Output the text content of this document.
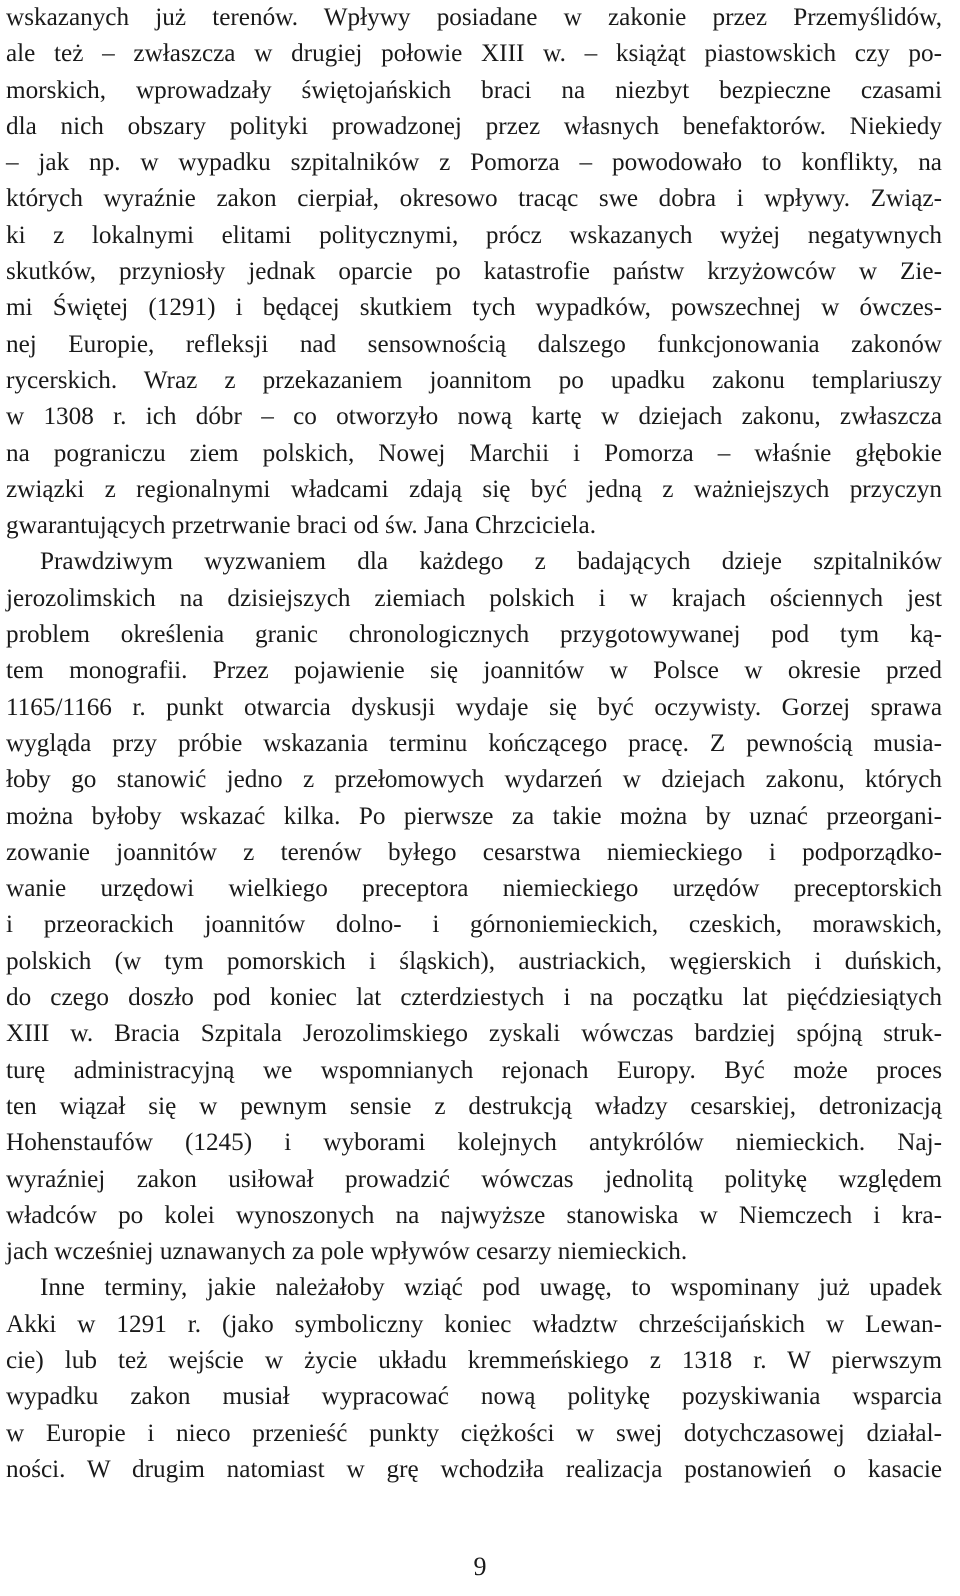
wskazanych już terenów. Wpływy posiadane w zakonie przez Przemyślidów,
ale też – zwłaszcza w drugiej połowie XIII w. – książąt piastowskich czy po-
morskich, wprowadzały świętojańskich braci na niezbyt bezpieczne czasami
dla nich obszary polityki prowadzonej przez własnych benefaktorów. Niekiedy
– jak np. w wypadku szpitalników z Pomorza – powodowało to konflikty, na
których wyraźnie zakon cierpiał, okresowo tracąc swe dobra i wpływy. Związ-
ki z lokalnymi elitami politycznymi, prócz wskazanych wyżej negatywnych
skutków, przyniosły jednak oparcie po katastrofie państw krzyżowców w Zie-
mi Świętej (1291) i będącej skutkiem tych wypadków, powszechnej w ówczes-
nej Europie, refleksji nad sensownością dalszego funkcjonowania zakonów
rycerskich. Wraz z przekazaniem joannitom po upadku zakonu templariuszy
w 1308 r. ich dóbr – co otworzyło nową kartę w dziejach zakonu, zwłaszcza
na pograniczu ziem polskich, Nowej Marchii i Pomorza – właśnie głębokie
związki z regionalnymi władcami zdają się być jedną z ważniejszych przyczyn
gwarantujących przetrwanie braci od św. Jana Chrzciciela.
Prawdziwym wyzwaniem dla każdego z badających dzieje szpitalników
jerozolimskich na dzisiejszych ziemiach polskich i w krajach ościennych jest
problem określenia granic chronologicznych przygotowywanej pod tym ką-
tem monografii. Przez pojawienie się joannitów w Polsce w okresie przed
1165/1166 r. punkt otwarcia dyskusji wydaje się być oczywisty. Gorzej sprawa
wygląda przy próbie wskazania terminu kończącego pracę. Z pewnością musia-
łoby go stanowić jedno z przełomowych wydarzeń w dziejach zakonu, których
można byłoby wskazać kilka. Po pierwsze za takie można by uznać przeorgani-
zowanie joannitów z terenów byłego cesarstwa niemieckiego i podporządko-
wanie urzędowi wielkiego preceptora niemieckiego urzędów preceptorskich
i przeorackich joannitów dolno- i górnoniemieckich, czeskich, morawskich,
polskich (w tym pomorskich i śląskich), austriackich, węgierskich i duńskich,
do czego doszło pod koniec lat czterdziestych i na początku lat pięćdziesiątych
XIII w. Bracia Szpitala Jerozolimskiego zyskali wówczas bardziej spójną struk-
turę administracyjną we wspomnianych rejonach Europy. Być może proces
ten wiązał się w pewnym sensie z destrukcją władzy cesarskiej, detronizacją
Hohenstaufów (1245) i wyborami kolejnych antykrólów niemieckich. Naj-
wyraźniej zakon usiłował prowadzić wówczas jednolitą politykę względem
władców po kolei wynoszonych na najwyższe stanowiska w Niemczech i kra-
jach wcześniej uznawanych za pole wpływów cesarzy niemieckich.
Inne terminy, jakie należałoby wziąć pod uwagę, to wspominany już upadek
Akki w 1291 r. (jako symboliczny koniec władztw chrześcijańskich w Lewan-
cie) lub też wejście w życie układu kremmeńskiego z 1318 r. W pierwszym
wypadku zakon musiał wypracować nową politykę pozyskiwania wsparcia
w Europie i nieco przenieść punkty ciężkości w swej dotychczasowej działal-
ności. W drugim natomiast w grę wchodziła realizacja postanowień o kasacie
9
